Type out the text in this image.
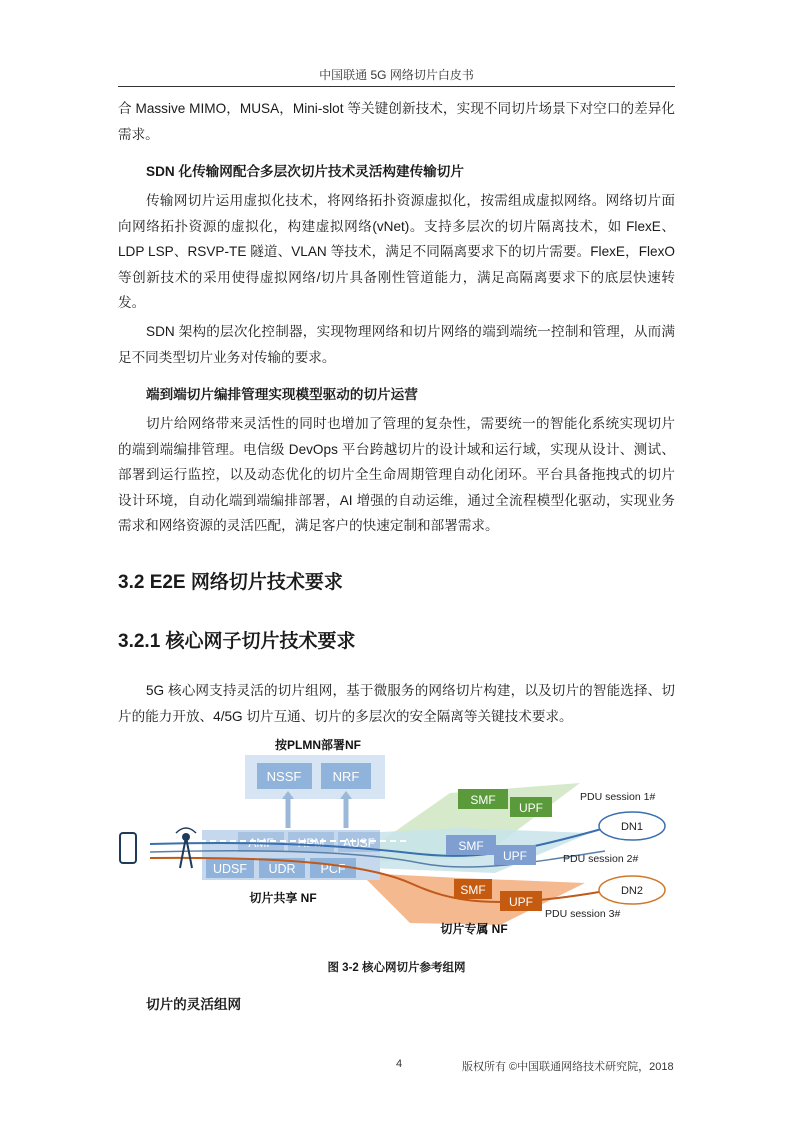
中国联通 5G 网络切片白皮书

合 Massive MIMO，MUSA，Mini-slot 等关键创新技术，实现不同切片场景下对空口的差异化需求。

SDN 化传输网配合多层次切片技术灵活构建传输切片

传输网切片运用虚拟化技术，将网络拓扑资源虚拟化，按需组成虚拟网络。网络切片面向网络拓扑资源的虚拟化，构建虚拟网络(vNet)。支持多层次的切片隔离技术，如 FlexE、LDP LSP、RSVP-TE 隧道、VLAN 等技术，满足不同隔离要求下的切片需要。FlexE，FlexO 等创新技术的采用使得虚拟网络/切片具备刚性管道能力，满足高隔离要求下的底层快速转发。

SDN 架构的层次化控制器，实现物理网络和切片网络的端到端统一控制和管理，从而满足不同类型切片业务对传输的要求。

端到端切片编排管理实现模型驱动的切片运营

切片给网络带来灵活性的同时也增加了管理的复杂性，需要统一的智能化系统实现切片的端到端编排管理。电信级 DevOps 平台跨越切片的设计域和运行域，实现从设计、测试、部署到运行监控，以及动态优化的切片全生命周期管理自动化闭环。平台具备拖拽式的切片设计环境，自动化端到端编排部署，AI 增强的自动运维，通过全流程模型化驱动，实现业务需求和网络资源的灵活匹配，满足客户的快速定制和部署需求。

3.2 E2E 网络切片技术要求
3.2.1 核心网子切片技术要求

5G 核心网支持灵活的切片组网，基于微服务的网络切片构建，以及切片的智能选择、切片的能力开放、4/5G 切片互通、切片的多层次的安全隔离等关键技术要求。

按PLMN部署NF
NSSF NRF
AMF HPM AUSF
UDSF UDR PCF
SMF
UPF
PDU session 1#
SMF
UPF	PDU session 2#
SMF
UPF
PDU session 3#
DN1
DN2
切片共享 NF
切片专属 NF
图 3-2 核心网切片参考组网

切片的灵活组网

4	版权所有 ©中国联通网络技术研究院，2018
